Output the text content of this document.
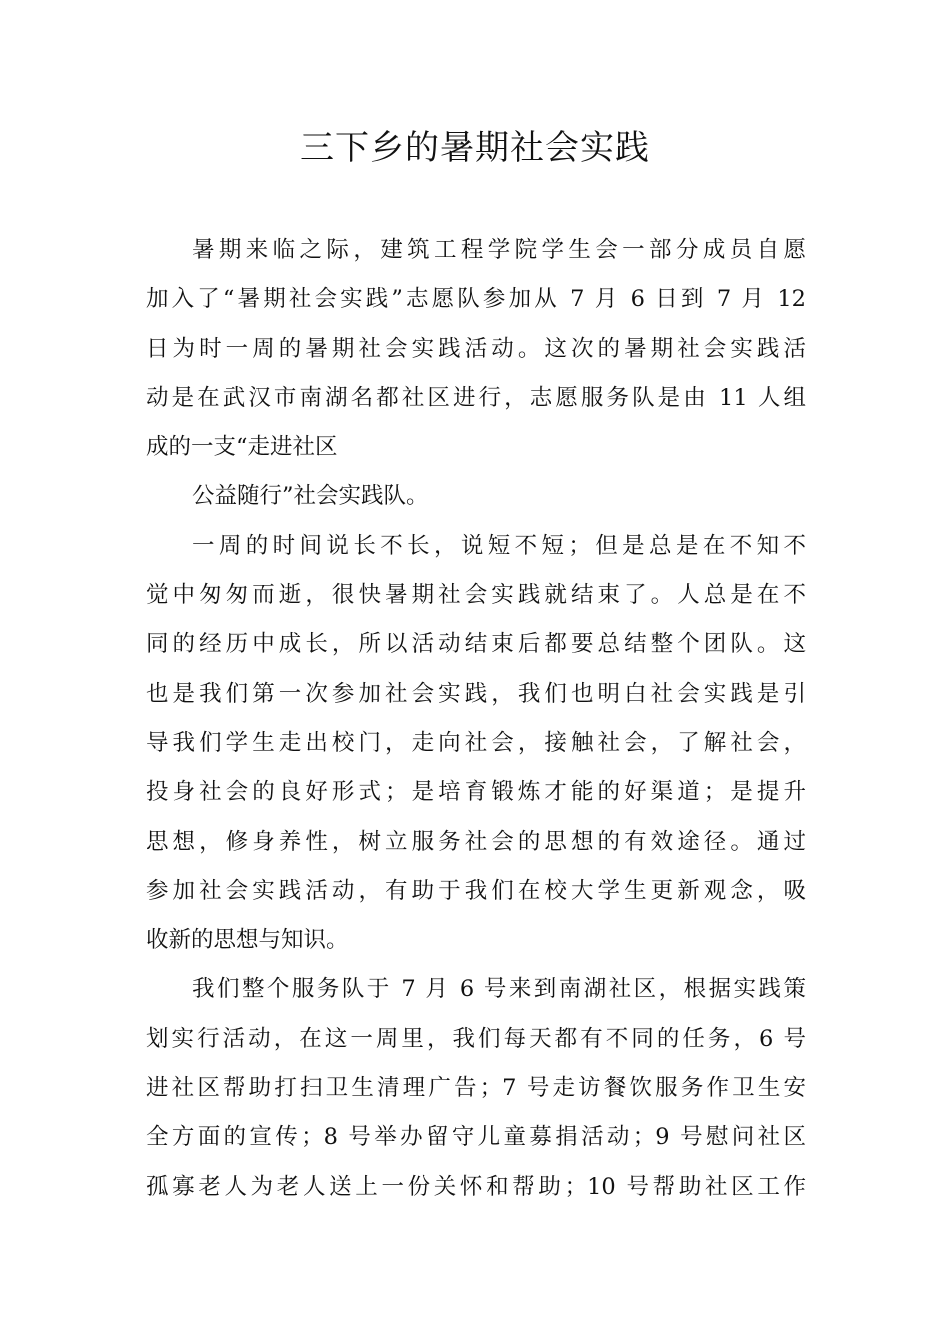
三下乡的暑期社会实践
暑期来临之际，建筑工程学院学生会一部分成员自愿
加入了“暑期社会实践”志愿队参加从 7 月 6 日到 7 月 12
日为时一周的暑期社会实践活动。这次的暑期社会实践活
动是在武汉市南湖名都社区进行，志愿服务队是由 11 人组
成的一支“走进社区
公益随行”社会实践队。
一周的时间说长不长，说短不短；但是总是在不知不
觉中匆匆而逝，很快暑期社会实践就结束了。人总是在不
同的经历中成长，所以活动结束后都要总结整个团队。这
也是我们第一次参加社会实践，我们也明白社会实践是引
导我们学生走出校门，走向社会，接触社会，了解社会，
投身社会的良好形式；是培育锻炼才能的好渠道；是提升
思想，修身养性，树立服务社会的思想的有效途径。通过
参加社会实践活动，有助于我们在校大学生更新观念，吸
收新的思想与知识。
我们整个服务队于 7 月 6 号来到南湖社区，根据实践策
划实行活动，在这一周里，我们每天都有不同的任务，6 号
进社区帮助打扫卫生清理广告；7 号走访餐饮服务作卫生安
全方面的宣传；8 号举办留守儿童募捐活动；9 号慰问社区
孤寡老人为老人送上一份关怀和帮助；10 号帮助社区工作
